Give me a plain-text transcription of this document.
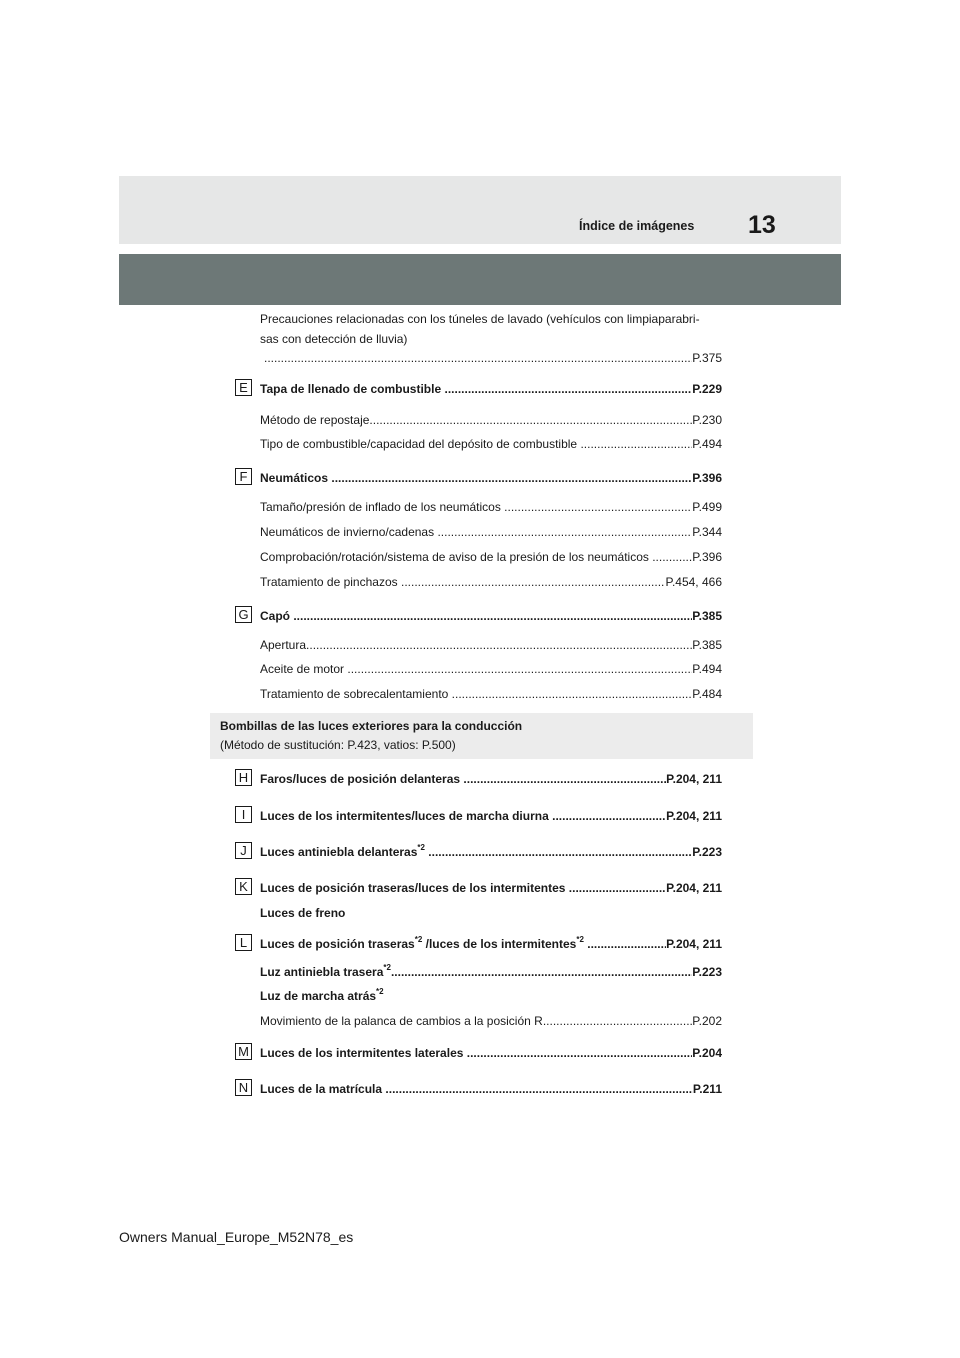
Índice de imágenes 13
Precauciones relacionadas con los túneles de lavado (vehículos con limpiaparabri-
sas con detección de lluvia)
.....
P.375
E	Tapa de llenado de combustible .....	P.229
Método de repostaje .....	P.230
Tipo de combustible/capacidad del depósito de combustible .....	P.494
F	Neumáticos .....	P.396
Tamaño/presión de inflado de los neumáticos .....	P.499
Neumáticos de invierno/cadenas .....	P.344
Comprobación/rotación/sistema de aviso de la presión de los neumáticos .....	P.396
Tratamiento de pinchazos .....	P.454, 466
G Capó .....	P.385
Apertura .....	P.385
Aceite de motor .....	P.494
Tratamiento de sobrecalentamiento .....	P.484
Bombillas de las luces exteriores para la conducción
(Método de sustitución: P.423, vatios: P.500)
H Faros/luces de posición delanteras .....	P.204, 211
I	Luces de los intermitentes/luces de marcha diurna .....	P.204, 211
J	Luces antiniebla delanteras$^{*2}$ .....	P.223
K	Luces de posición traseras/luces de los intermitentes .....	P.204, 211
Luces de freno
L	Luces de posición traseras$^{*2}$ /luces de los intermitentes$^{*2}$ .....	P.204, 211
Luz antiniebla trasera$^{*2}$ .....	P.223
Luz de marcha atrás$^{*2}$
Movimiento de la palanca de cambios a la posición R .....	P.202
M Luces de los intermitentes laterales .....	P.204
N Luces de la matrícula .....	P.211
Owners Manual_Europe_M52N78_es
